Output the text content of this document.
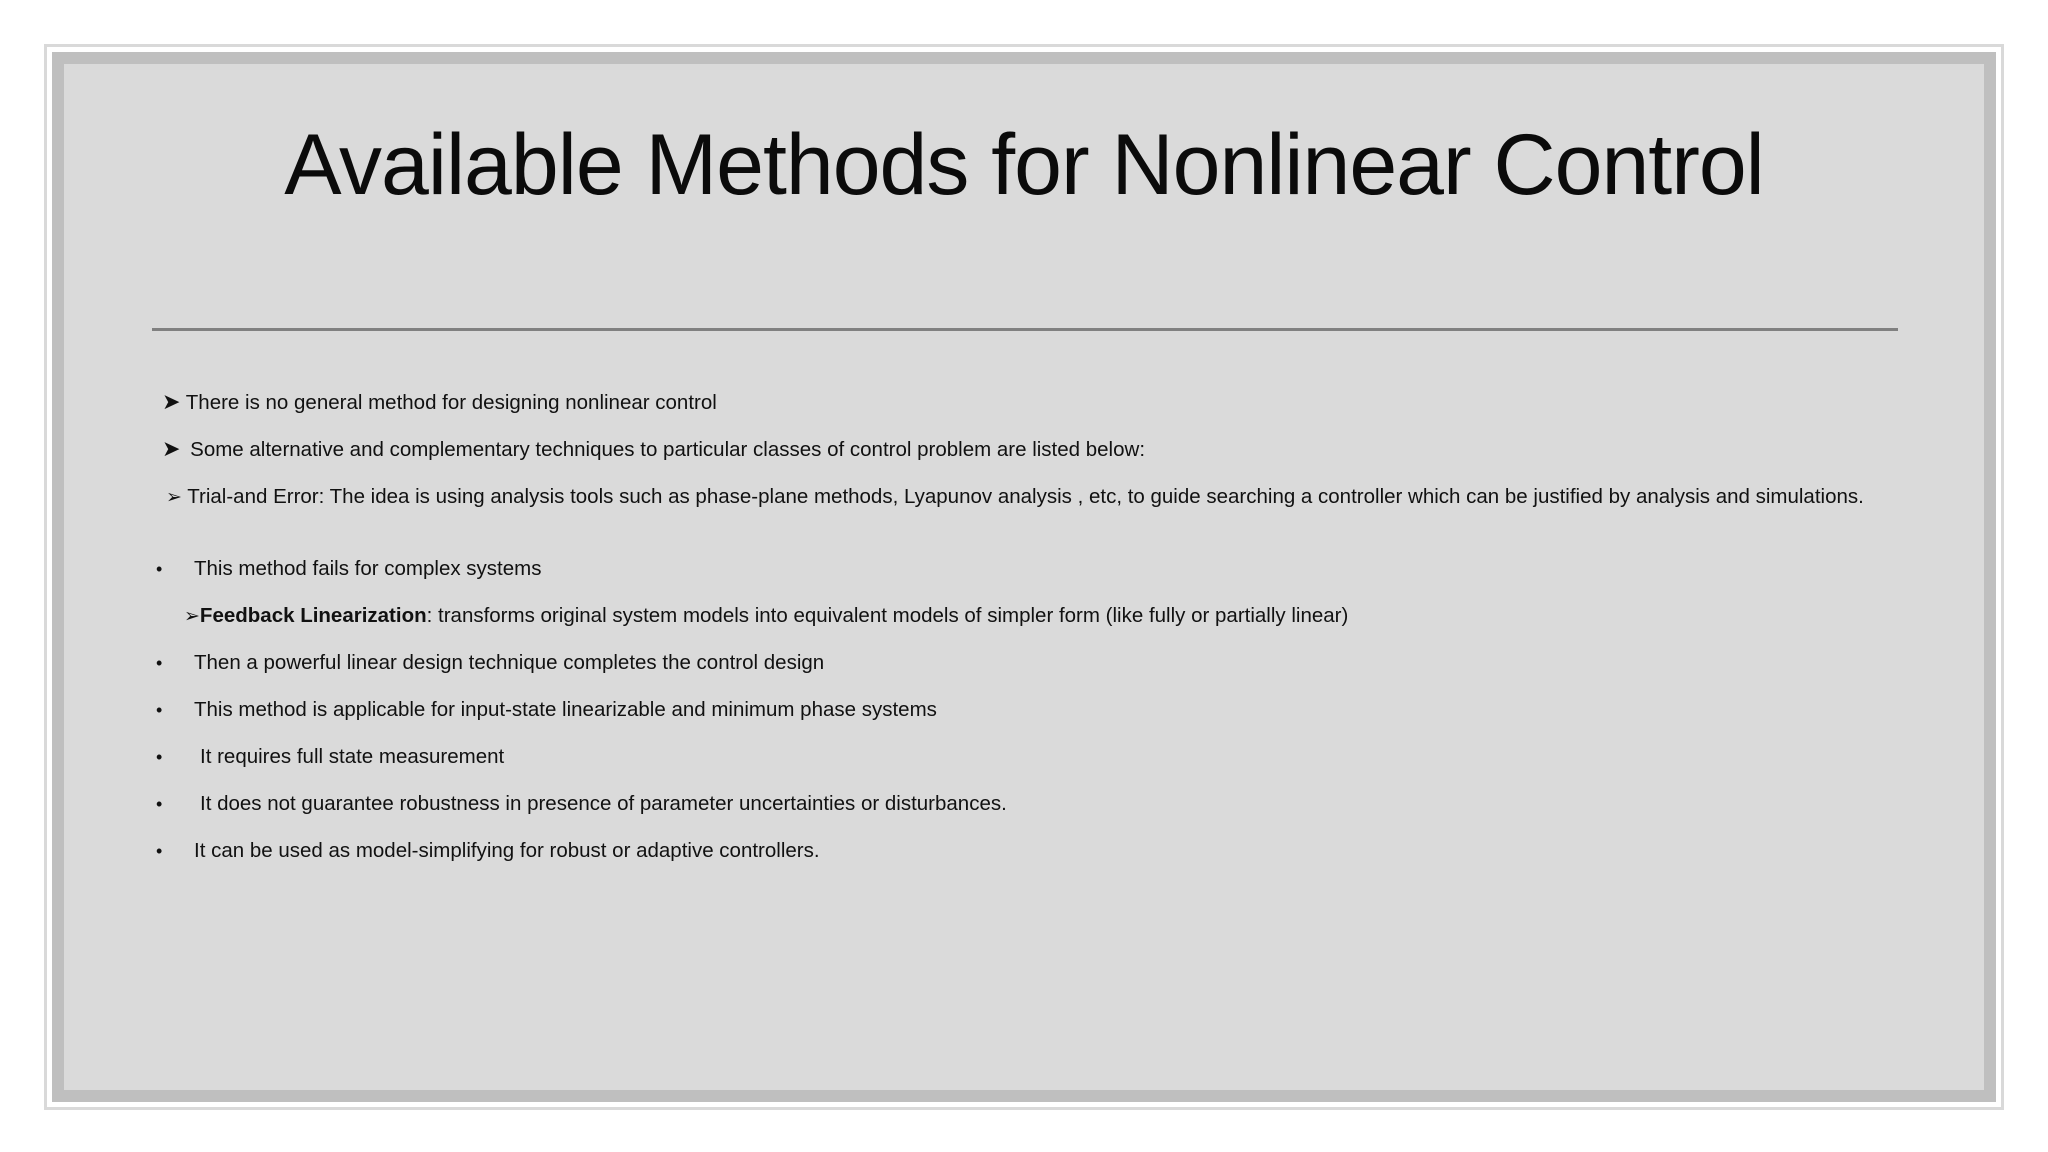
Available Methods for Nonlinear Control
➤ There is no general method for designing nonlinear control
➤ Some alternative and complementary techniques to particular classes of control problem are listed below:
➢ Trial-and Error: The idea is using analysis tools such as phase-plane methods, Lyapunov analysis , etc, to guide searching a controller which can be justified by analysis and simulations.
• This method fails for complex systems
➢Feedback Linearization: transforms original system models into equivalent models of simpler form (like fully or partially linear)
• Then a powerful linear design technique completes the control design
• This method is applicable for input-state linearizable and minimum phase systems
• It requires full state measurement
• It does not guarantee robustness in presence of parameter uncertainties or disturbances.
• It can be used as model-simplifying for robust or adaptive controllers.
